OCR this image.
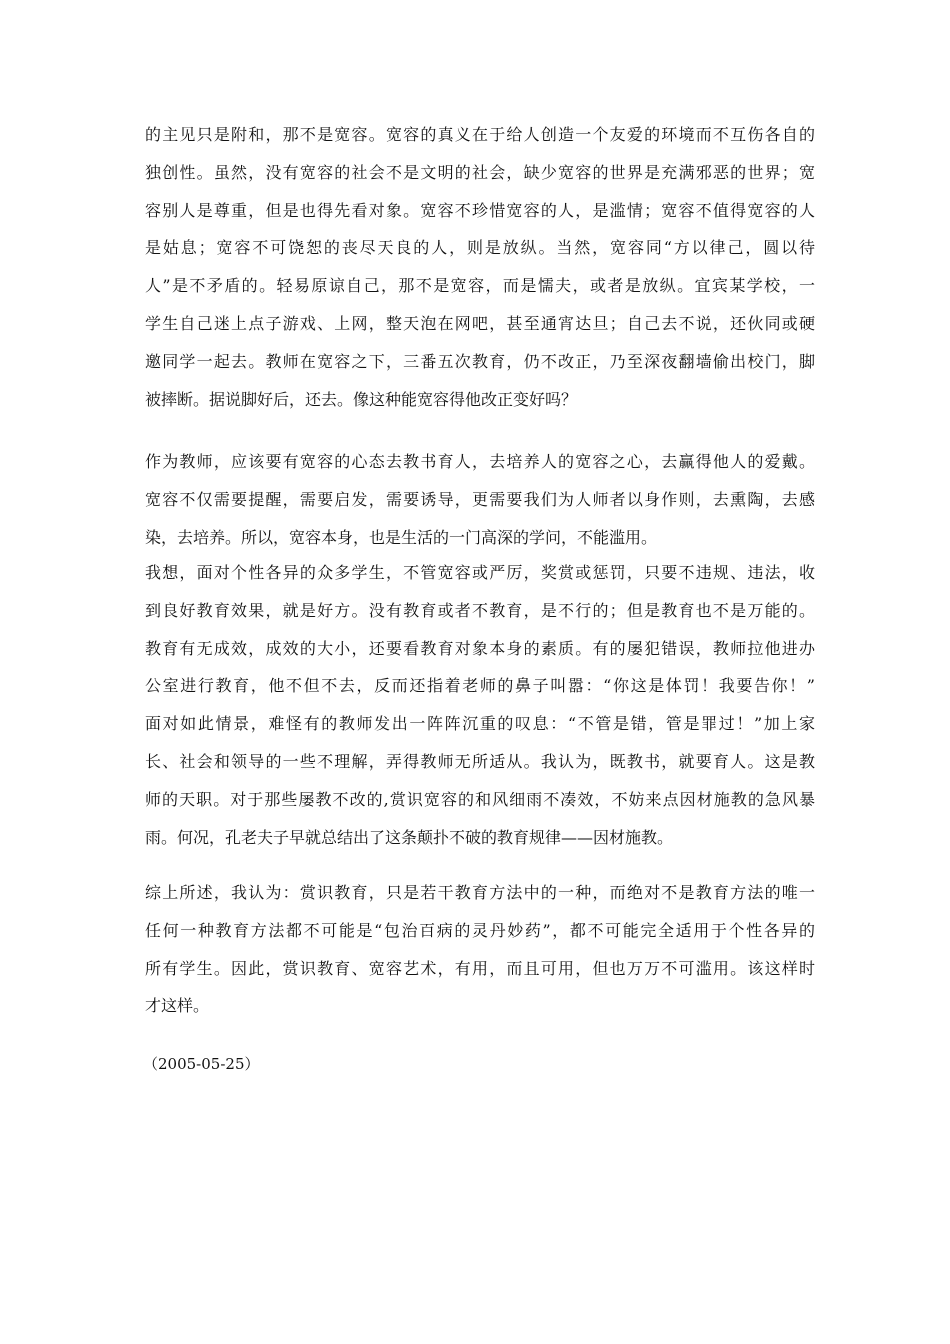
的主见只是附和，那不是宽容。宽容的真义在于给人创造一个友爱的环境而不互伤各自的
独创性。虽然，没有宽容的社会不是文明的社会，缺少宽容的世界是充满邪恶的世界；宽
容别人是尊重，但是也得先看对象。宽容不珍惜宽容的人，是滥情；宽容不值得宽容的人
是姑息；宽容不可饶恕的丧尽天良的人，则是放纵。当然，宽容同“方以律己，圆以待
人”是不矛盾的。轻易原谅自己，那不是宽容，而是懦夫，或者是放纵。宜宾某学校，一
学生自己迷上点子游戏、上网，整天泡在网吧，甚至通宵达旦；自己去不说，还伙同或硬
邀同学一起去。教师在宽容之下，三番五次教育，仍不改正，乃至深夜翻墙偷出校门，脚
被摔断。据说脚好后，还去。像这种能宽容得他改正变好吗？
作为教师，应该要有宽容的心态去教书育人，去培养人的宽容之心，去赢得他人的爱戴。
宽容不仅需要提醒，需要启发，需要诱导，更需要我们为人师者以身作则，去熏陶，去感
染，去培养。所以，宽容本身，也是生活的一门高深的学问，不能滥用。
我想，面对个性各异的众多学生，不管宽容或严厉，奖赏或惩罚，只要不违规、违法，收
到良好教育效果，就是好方。没有教育或者不教育，是不行的；但是教育也不是万能的。
教育有无成效，成效的大小，还要看教育对象本身的素质。有的屡犯错误，教师拉他进办
公室进行教育，他不但不去，反而还指着老师的鼻子叫嚣：“你这是体罚！我要告你！”
面对如此情景，难怪有的教师发出一阵阵沉重的叹息：“不管是错，管是罪过！”加上家
长、社会和领导的一些不理解，弄得教师无所适从。我认为，既教书，就要育人。这是教
师的天职。对于那些屡教不改的,赏识宽容的和风细雨不凑效，不妨来点因材施教的急风暴
雨。何况，孔老夫子早就总结出了这条颠扑不破的教育规律——因材施教。
综上所述，我认为：赏识教育，只是若干教育方法中的一种，而绝对不是教育方法的唯一
任何一种教育方法都不可能是“包治百病的灵丹妙药”，都不可能完全适用于个性各异的
所有学生。因此，赏识教育、宽容艺术，有用，而且可用，但也万万不可滥用。该这样时
才这样。
（2005-05-25）
